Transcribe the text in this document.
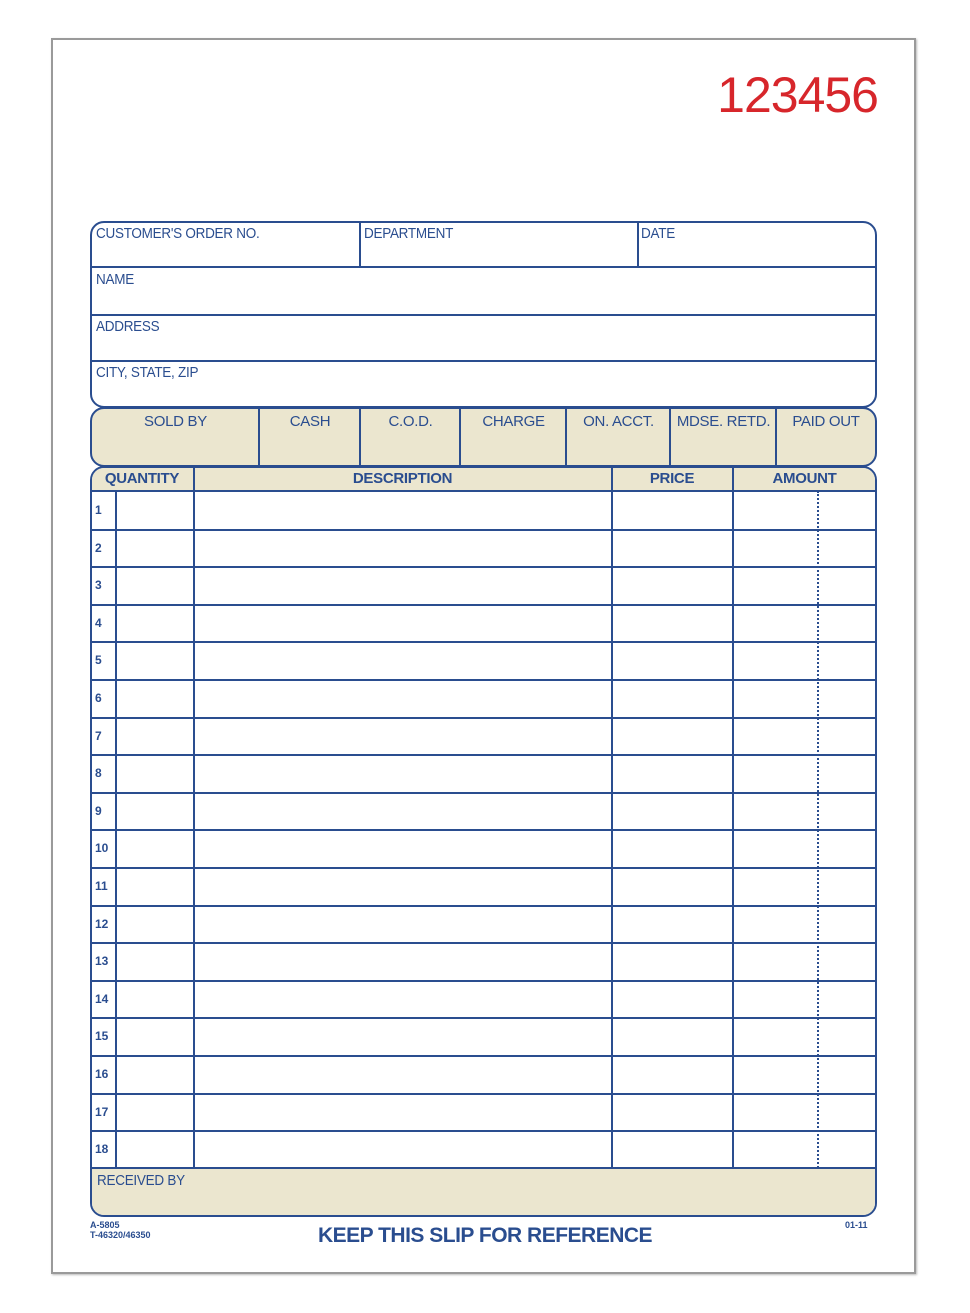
123456
CUSTOMER'S ORDER NO.	DEPARTMENT	DATE
NAME
ADDRESS
CITY, STATE, ZIP
SOLD BY	CASH	C.O.D.	CHARGE	ON. ACCT.	MDSE. RETD.	PAID OUT
QUANTITY	DESCRIPTION	PRICE	AMOUNT
1
2
3
4
5
6
7
8
9
10
11
12
13
14
15
16
17
18
RECEIVED BY
A-5805
T-46320/46350	KEEP THIS SLIP FOR REFERENCE	01-11
